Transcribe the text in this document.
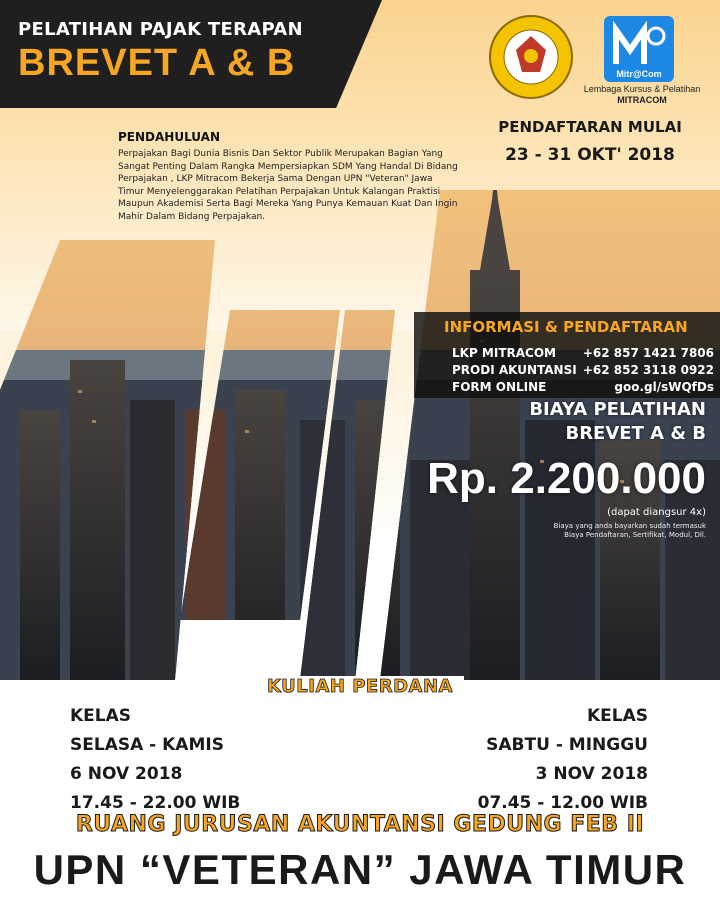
PELATIHAN PAJAK TERAPAN
BREVET A & B	Mitr@Com
Lembaga Kursus & Pelatihan
MITRACOM
PENDAHULUAN
Perpajakan Bagi Dunia Bisnis Dan Sektor Publik Merupakan Bagian Yang Sangat Penting Dalam Rangka Mempersiapkan SDM Yang Handal Di Bidang Perpajakan , LKP Mitracom Bekerja Sama Dengan UPN "Veteran" Jawa Timur Menyelenggarakan Pelatihan Perpajakan Untuk Kalangan Praktisi Maupun Akademisi Serta Bagi Mereka Yang Punya Kemauan Kuat Dan Ingin Mahir Dalam Bidang Perpajakan.
PENDAFTARAN MULAI
23 - 31 OKT' 2018
INFORMASI & PENDAFTARAN
LKP MITRACOM +62 857 1421 7806
PRODI AKUNTANSI +62 852 3118 0922
FORM ONLINE	goo.gl/sWQfDs
BIAYA PELATIHAN
BREVET A & B
Rp. 2.200.000
(dapat diangsur 4x)
Biaya yang anda bayarkan sudah termasuk
Biaya Pendaftaran, Sertifikat, Modul, Dll.
KULIAH PERDANA
KELAS
SELASA - KAMIS
6 NOV 2018
17.45 - 22.00 WIB
KELAS
SABTU - MINGGU
3 NOV 2018
07.45 - 12.00 WIB
RUANG JURUSAN AKUNTANSI GEDUNG FEB II
UPN “VETERAN” JAWA TIMUR
